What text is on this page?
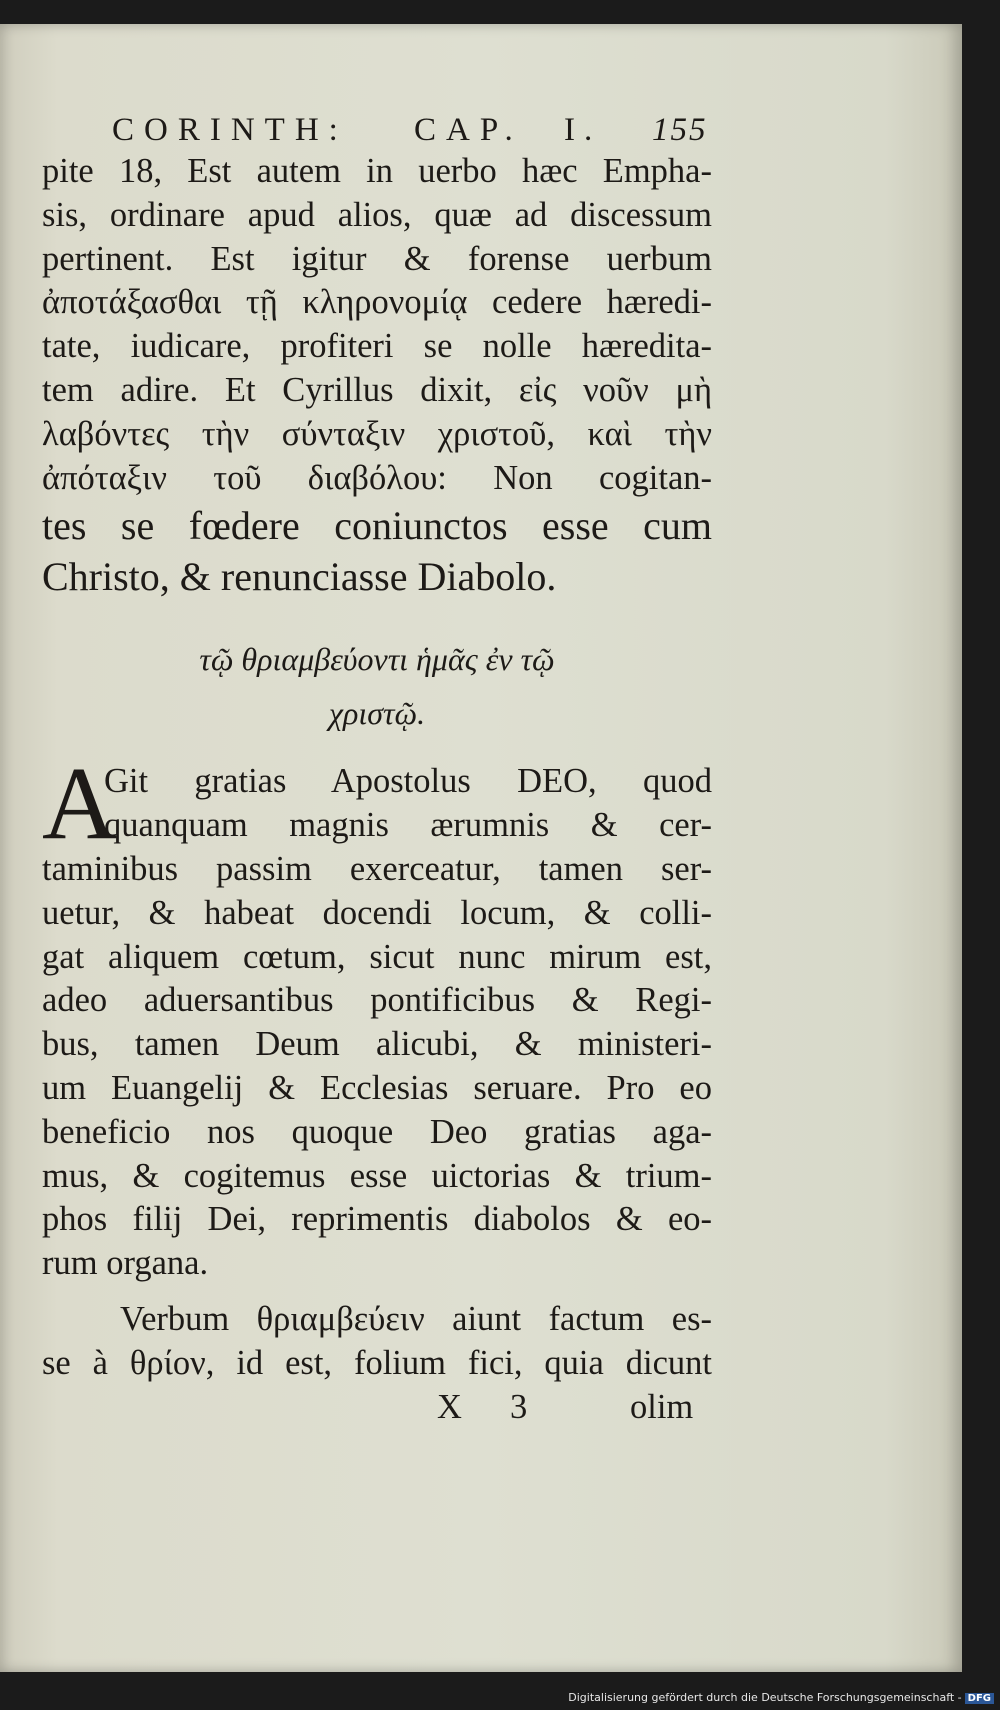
CORINTH: CAP. I. 155
pite 18, Est autem in uerbo hæc Empha-
sis, ordinare apud alios, quæ ad discessum
pertinent. Est igitur & forense uerbum
ἀποτάξασθαι τῇ κληρονομίᾳ cedere hæredi-
tate, iudicare, profiteri se nolle hæredita-
tem adire. Et Cyrillus dixit, εἰς νοῦν μὴ
λαβόντες τὴν σύνταξιν χριστοῦ, καὶ τὴν
ἀπόταξιν τοῦ διαβόλου: Non cogitan-
tes se fœdere coniunctos esse cum
Christo, & renunciasse Diabolo.
τῷ θριαμβεύοντι ἡμᾶς ἐν τῷ
χριστῷ.
A
Git gratias Apostolus DEO, quod
quanquam magnis ærumnis & cer-
taminibus passim exerceatur, tamen ser-
uetur, & habeat docendi locum, & colli-
gat aliquem cœtum, sicut nunc mirum est,
adeo aduersantibus pontificibus & Regi-
bus, tamen Deum alicubi, & ministeri-
um Euangelij & Ecclesias seruare. Pro eo
beneficio nos quoque Deo gratias aga-
mus, & cogitemus esse uictorias & trium-
phos filij Dei, reprimentis diabolos & eo-
rum organa.
Verbum θριαμβεύειν aiunt factum es-
se à θρίον, id est, folium fici, quia dicunt
X 3	olim
Digitalisierung gefördert durch die Deutsche Forschungsgemeinschaft - DFG
